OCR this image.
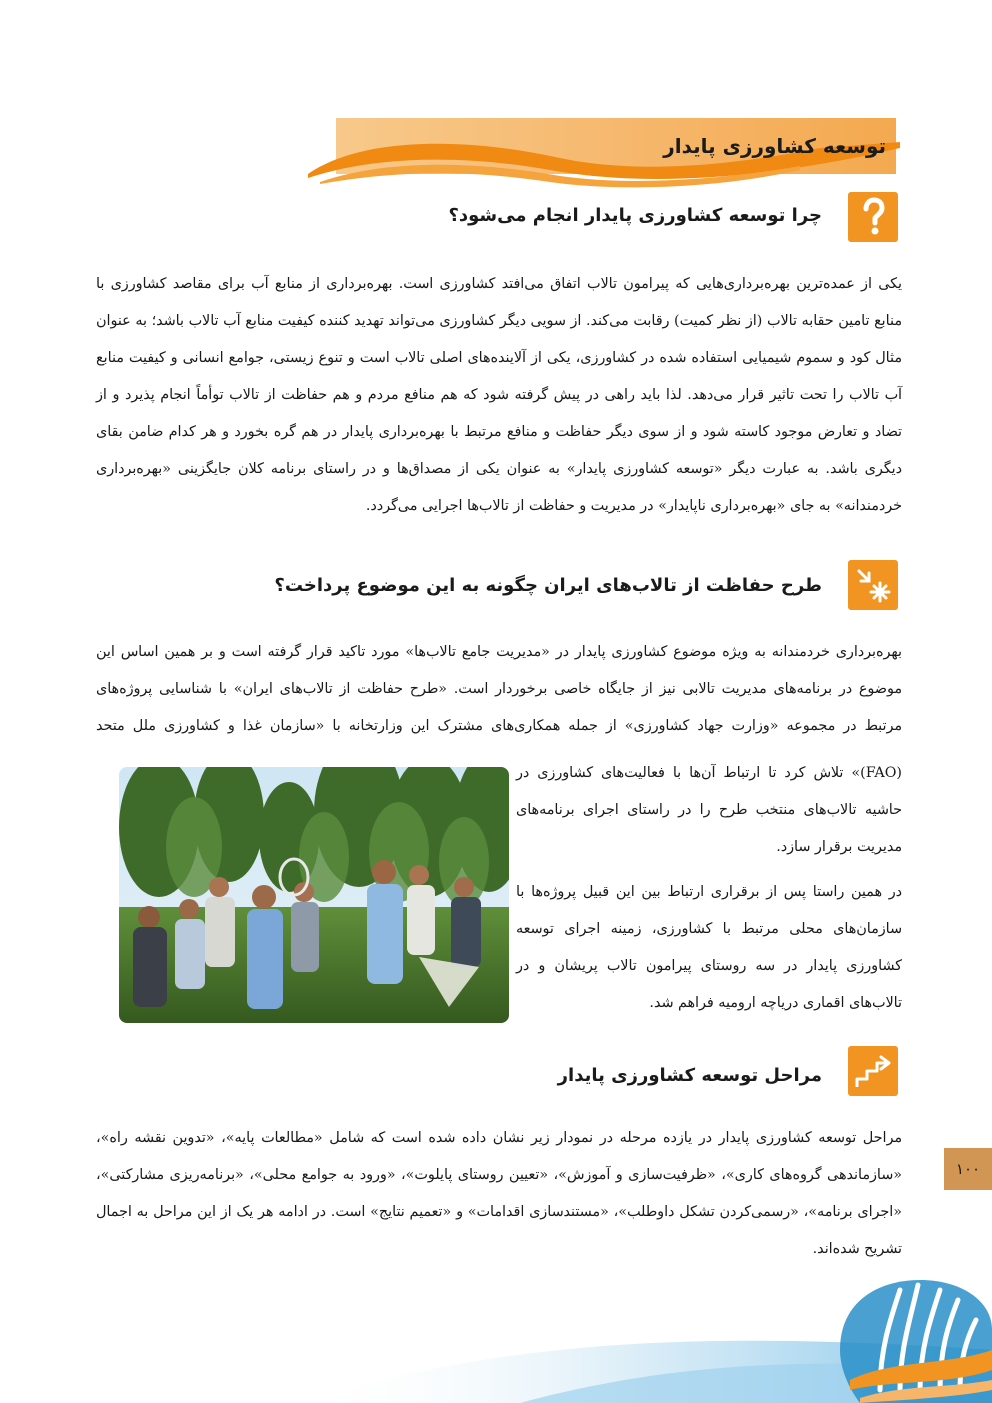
توسعه کشاورزی پایدار
چرا توسعه کشاورزی پایدار انجام می‌شود؟
یکی از عمده‌ترین بهره‌برداری‌هایی که پیرامون تالاب اتفاق می‌افتد کشاورزی است. بهره‌برداری از منابع آب برای مقاصد کشاورزی با منابع تامین حقابه تالاب (از نظر کمیت) رقابت می‌کند. از سویی دیگر کشاورزی می‌تواند تهدید کننده کیفیت منابع آب تالاب باشد؛ به عنوان مثال کود و سموم شیمیایی استفاده شده در کشاورزی، یکی از آلاینده‌های اصلی تالاب است و تنوع زیستی، جوامع انسانی و کیفیت منابع آب تالاب را تحت تاثیر قرار می‌دهد. لذا باید راهی در پیش گرفته شود که هم منافع مردم و هم حفاظت از تالاب توأماً انجام پذیرد و از تضاد و تعارض موجود کاسته شود و از سوی دیگر حفاظت و منافع مرتبط با بهره‌برداری پایدار در هم گره بخورد و هر کدام ضامن بقای دیگری باشد. به عبارت دیگر «توسعه کشاورزی پایدار» به عنوان یکی از مصداق‌ها و در راستای برنامه کلان جایگزینی «بهره‌برداری خردمندانه» به جای «بهره‌برداری ناپایدار» در مدیریت و حفاظت از تالاب‌ها اجرایی می‌گردد.
طرح حفاظت از تالاب‌های ایران چگونه به این موضوع پرداخت؟
بهره‌برداری خردمندانه به ویژه موضوع کشاورزی پایدار در «مدیریت جامع تالاب‌ها» مورد تاکید قرار گرفته است و بر همین اساس این موضوع در برنامه‌های مدیریت تالابی نیز از جایگاه خاصی برخوردار است. «طرح حفاظت از تالاب‌های ایران» با شناسایی پروژه‌های مرتبط در مجموعه «وزارت جهاد کشاورزی» از جمله همکاری‌های مشترک این وزارتخانه با «سازمان غذا و کشاورزی ملل متحد
(FAO)» تلاش کرد تا ارتباط آن‌ها با فعالیت‌های کشاورزی در حاشیه تالاب‌های منتخب طرح را در راستای اجرای برنامه‌های مدیریت برقرار سازد.
در همین راستا پس از برقراری ارتباط بین این قبیل پروژه‌ها با سازمان‌های محلی مرتبط با کشاورزی، زمینه اجرای توسعه کشاورزی پایدار در سه روستای پیرامون تالاب پریشان و در تالاب‌های اقماری دریاچه ارومیه فراهم شد.
مراحل توسعه کشاورزی پایدار
مراحل توسعه کشاورزی پایدار در یازده مرحله در نمودار زیر نشان داده شده است که شامل «مطالعات پایه»، «تدوین نقشه راه»، «سازماندهی گروه‌های کاری»، «ظرفیت‌سازی و آموزش»، «تعیین روستای پایلوت»، «ورود به جوامع محلی»، «برنامه‌ریزی مشارکتی»، «اجرای برنامه»، «رسمی‌کردن تشکل داوطلب»، «مستندسازی اقدامات» و «تعمیم نتایج» است. در ادامه هر یک از این مراحل به اجمال تشریح شده‌اند.
۱۰۰
